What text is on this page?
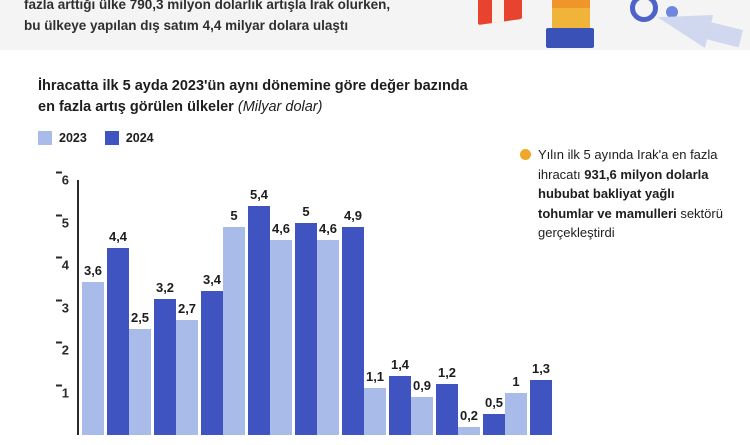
fazla arttığı ülke 790,3 milyon dolarlık artışla Irak olurken,
bu ülkeye yapılan dış satım 4,4 milyar dolara ulaştı
İhracatta ilk 5 ayda 2023'ün aynı dönemine göre değer bazında
en fazla artış görülen ülkeler (Milyar dolar)
2023	2024
1
2
3
4
5
6
3,6
4,4
2,5
3,2
2,7
3,4
5
5,4
4,6
5
4,6
4,9
1,1
1,4
0,9
1,2
0,2
0,5
1
1,3
Yılın ilk 5 ayında Irak'a en fazla ihracatı 931,6 milyon dolarla hububat bakliyat yağlı tohumlar ve mamulleri sektörü gerçekleştirdi
